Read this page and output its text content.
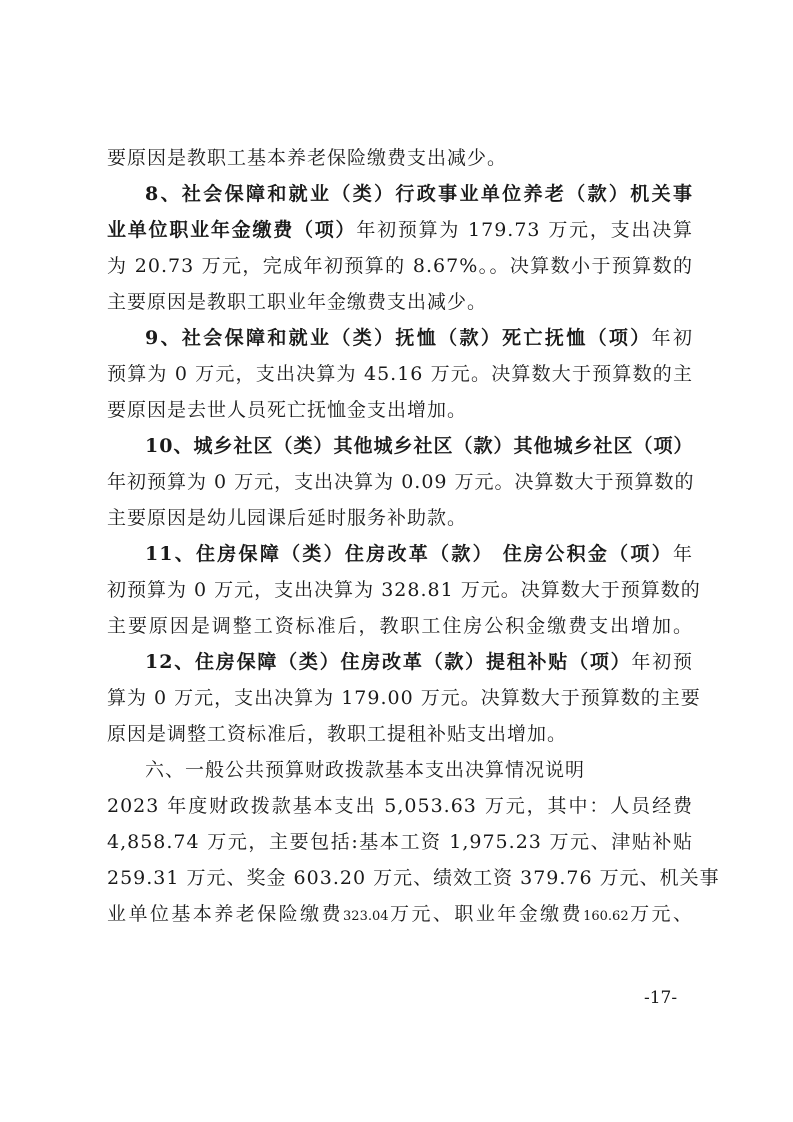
要原因是教职工基本养老保险缴费支出减少。
8、社会保障和就业（类）行政事业单位养老（款）机关事
业单位职业年金缴费（项）年初预算为 179.73 万元，支出决算
为 20.73 万元，完成年初预算的 8.67%。。决算数小于预算数的
主要原因是教职工职业年金缴费支出减少。
9、社会保障和就业（类）抚恤（款）死亡抚恤（项）年初
预算为 0 万元，支出决算为 45.16 万元。决算数大于预算数的主
要原因是去世人员死亡抚恤金支出增加。
10、城乡社区（类）其他城乡社区（款）其他城乡社区（项）
年初预算为 0 万元，支出决算为 0.09 万元。决算数大于预算数的
主要原因是幼儿园课后延时服务补助款。
11、住房保障（类）住房改革（款） 住房公积金（项）年
初预算为 0 万元，支出决算为 328.81 万元。决算数大于预算数的
主要原因是调整工资标准后，教职工住房公积金缴费支出增加。
12、住房保障（类）住房改革（款）提租补贴（项）年初预
算为 0 万元，支出决算为 179.00 万元。决算数大于预算数的主要
原因是调整工资标准后，教职工提租补贴支出增加。
六、一般公共预算财政拨款基本支出决算情况说明
2023 年度财政拨款基本支出 5,053.63 万元，其中：人员经费
4,858.74 万元，主要包括:基本工资 1,975.23 万元、津贴补贴
259.31 万元、奖金 603.20 万元、绩效工资 379.76 万元、机关事
业单位基本养老保险缴费323.04万元、职业年金缴费160.62万元、
-17-
